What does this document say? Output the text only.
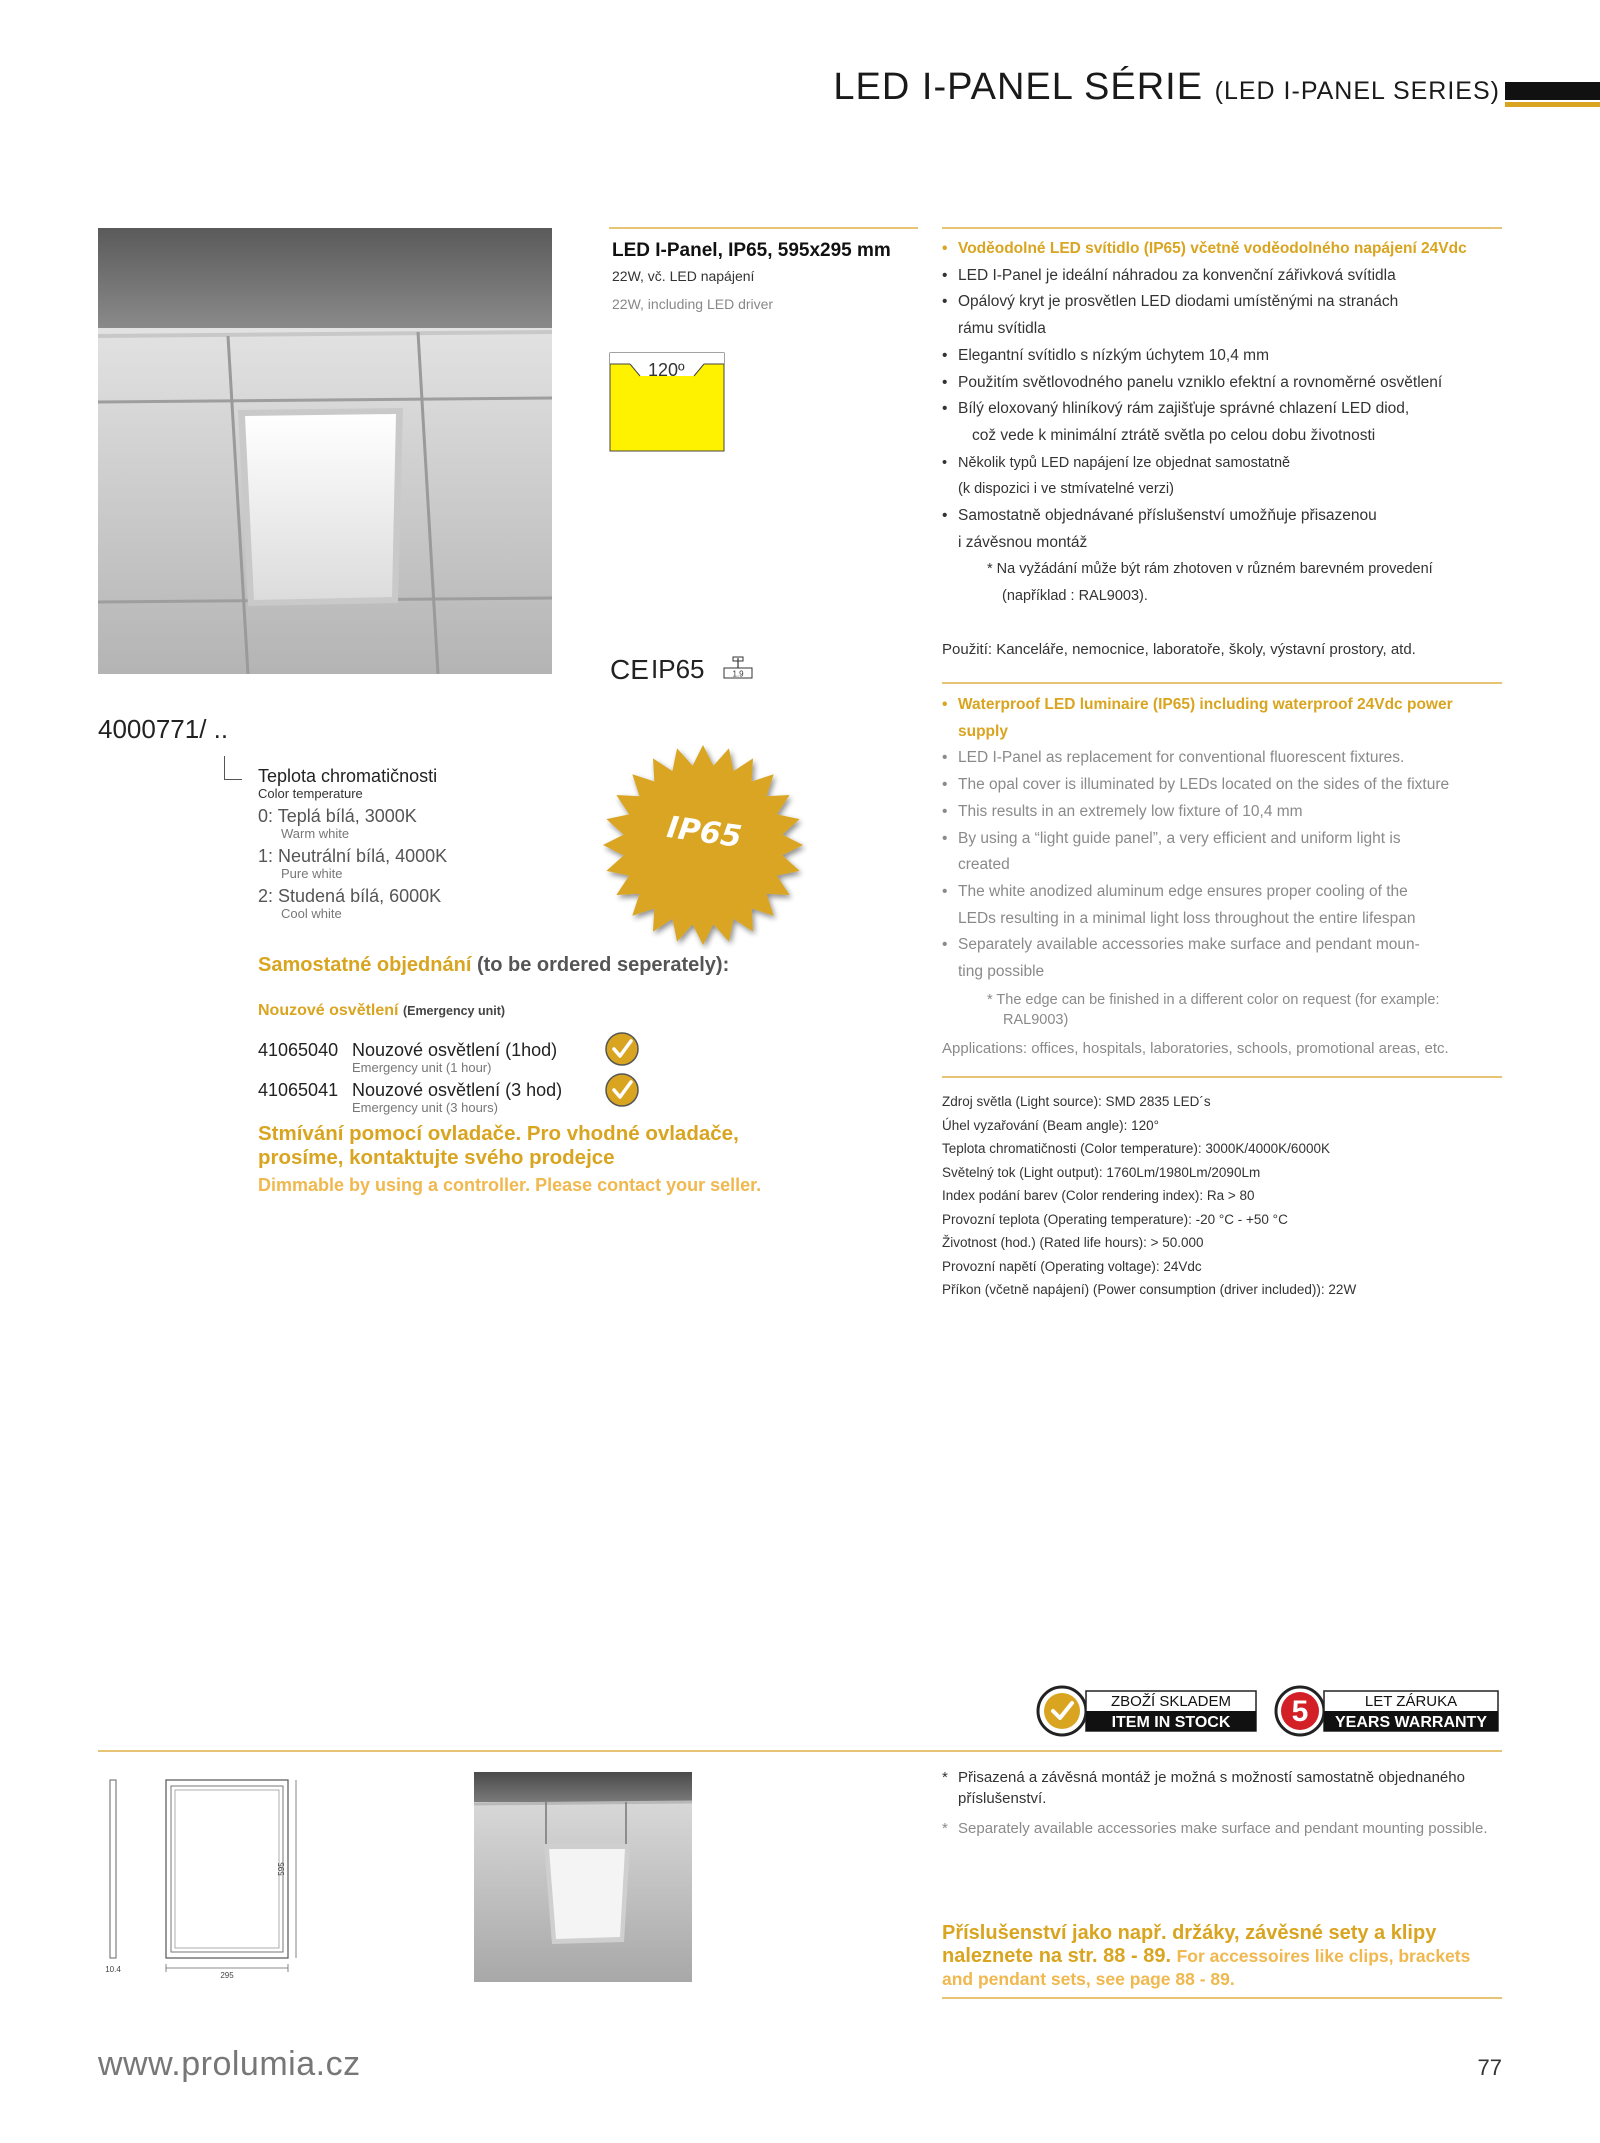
LED I-PANEL SÉRIE (LED I-PANEL SERIES)
LED I-Panel, IP65, 595x295 mm
22W, vč. LED napájení
22W, including LED driver
120º
CE IP65	1.9
IP65
• Voděodolné LED svítidlo (IP65) včetně voděodolného napájení 24Vdc
• LED I-Panel je ideální náhradou za konvenční zářivková svítidla
• Opálový kryt je prosvětlen LED diodami umístěnými na stranách
rámu svítidla
• Elegantní svítidlo s nízkým úchytem 10,4 mm
• Použitím světlovodného panelu vzniklo efektní a rovnoměrné osvětlení
• Bílý eloxovaný hliníkový rám zajišťuje správné chlazení LED diod,
což vede k minimální ztrátě světla po celou dobu životnosti
• Několik typů LED napájení lze objednat samostatně
(k dispozici i ve stmívatelné verzi)
• Samostatně objednávané příslušenství umožňuje přisazenou
i závěsnou montáž
* Na vyžádání může být rám zhotoven v různém barevném provedení
(například : RAL9003).
Použití: Kanceláře, nemocnice, laboratoře, školy, výstavní prostory, atd.
• Waterproof LED luminaire (IP65) including waterproof 24Vdc power supply
• LED I-Panel as replacement for conventional fluorescent fixtures.
• The opal cover is illuminated by LEDs located on the sides of the fixture
• This results in an extremely low fixture of 10,4 mm
• By using a “light guide panel”, a very efficient and uniform light is
created
• The white anodized aluminum edge ensures proper cooling of the
LEDs resulting in a minimal light loss throughout the entire lifespan
• Separately available accessories make surface and pendant moun-
ting possible
* The edge can be finished in a different color on request (for example:
RAL9003)
Applications: offices, hospitals, laboratories, schools, promotional areas, etc.
Zdroj světla (Light source): SMD 2835 LED´s
Úhel vyzařování (Beam angle): 120°
Teplota chromatičnosti (Color temperature): 3000K/4000K/6000K
Světelný tok (Light output): 1760Lm/1980Lm/2090Lm
Index podání barev (Color rendering index): Ra > 80
Provozní teplota (Operating temperature): -20 °C - +50 °C
Životnost (hod.) (Rated life hours): > 50.000
Provozní napětí (Operating voltage): 24Vdc
Příkon (včetně napájení) (Power consumption (driver included)): 22W
4000771/ ..
Teplota chromatičnosti
Color temperature
0: Teplá bílá, 3000K
Warm white
1: Neutrální bílá, 4000K
Pure white
2: Studená bílá, 6000K
Cool white
Samostatné objednání (to be ordered seperately):
Nouzové osvětlení (Emergency unit)
41065040 Nouzové osvětlení (1hod)
Emergency unit (1 hour)
41065041 Nouzové osvětlení (3 hod)
Emergency unit (3 hours)
Stmívání pomocí ovladače. Pro vhodné ovladače, prosíme, kontaktujte svého prodejce
Dimmable by using a controller. Please contact your seller.
ZBOŽÍ SKLADEM
ITEM IN STOCK 5	LET ZÁRUKA
YEARS WARRANTY
295
595
10.4
* Přisazená a závěsná montáž je možná s možností samostatně objednaného příslušenství.
* Separately available accessories make surface and pendant mounting possible.
Příslušenství jako např. držáky, závěsné sety a klipy naleznete na str. 88 - 89. For accessoires like clips, brackets and pendant sets, see page 88 - 89.
www.prolumia.cz	77
